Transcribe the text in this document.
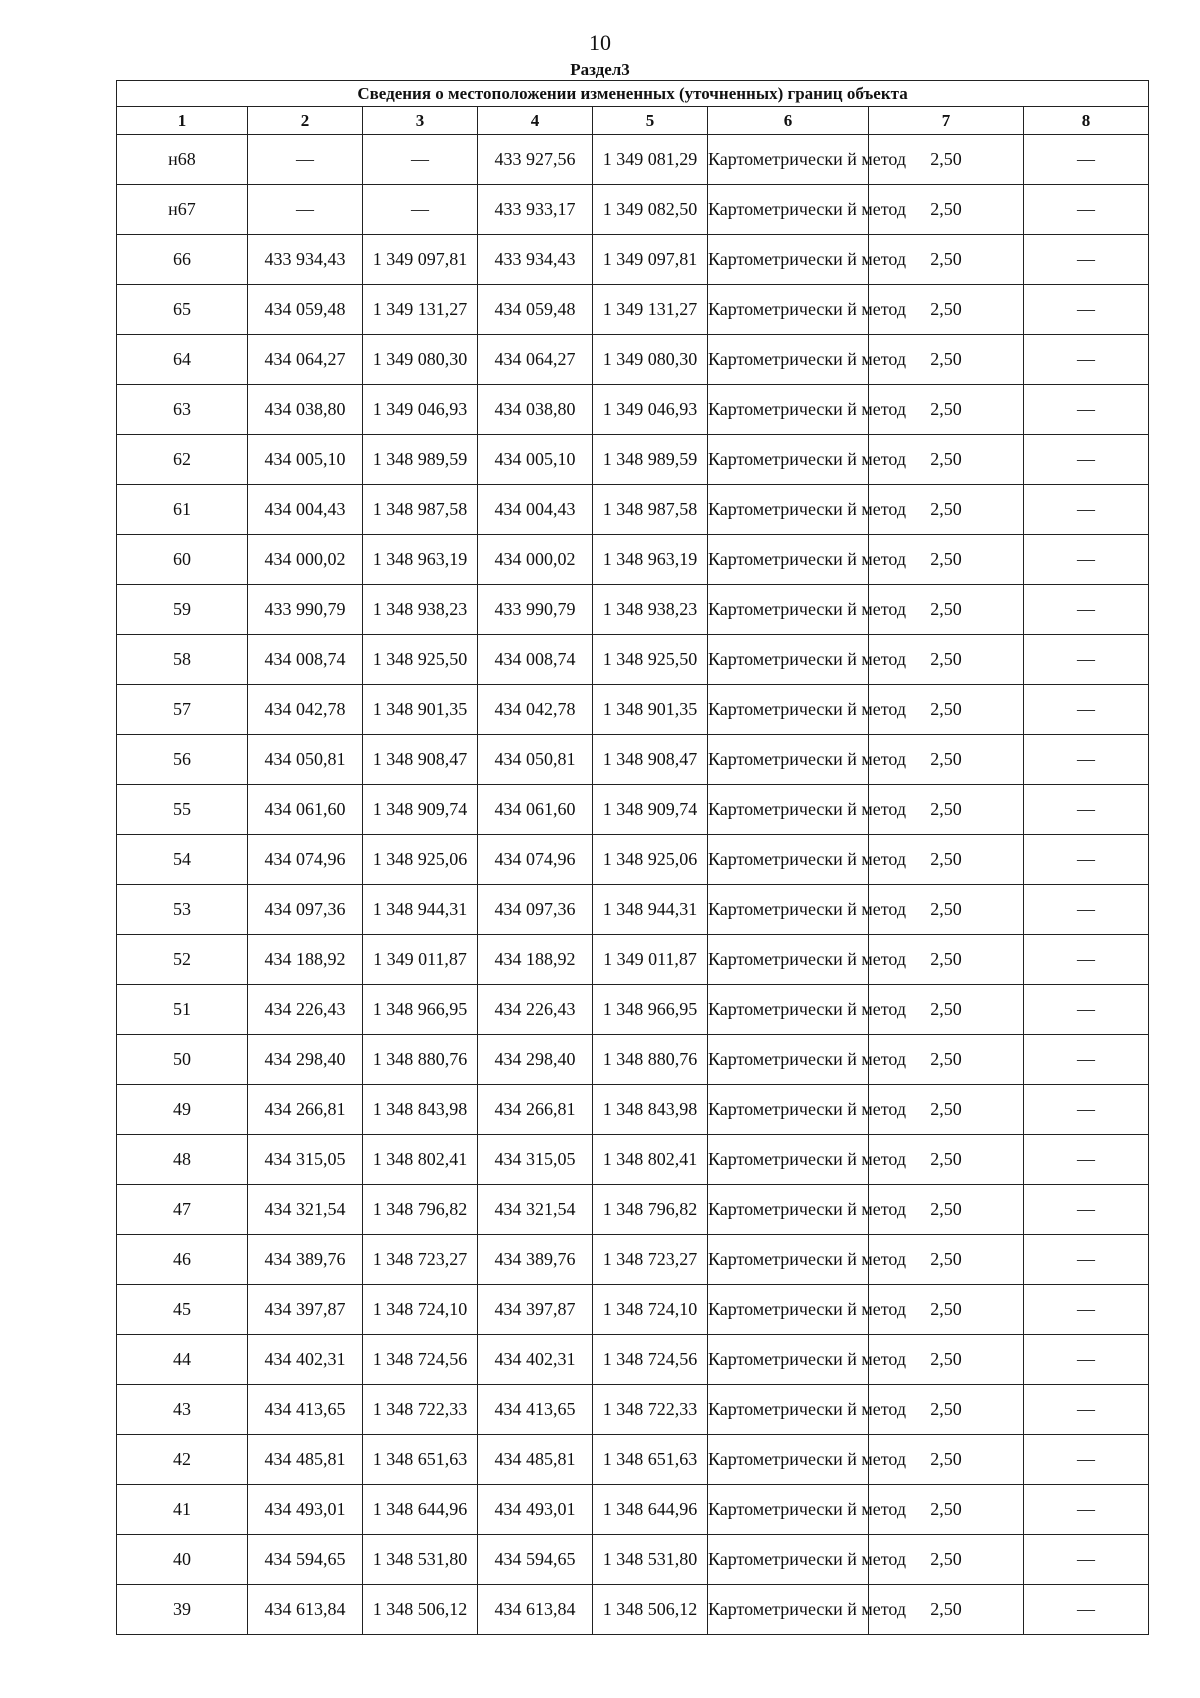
10
Раздел3
Сведения о местоположении измененных (уточненных) границ объекта							
1	2	3	4	5	6	7	8
н68	—	—	433 927,56	1 349 081,29	Картометрически й метод	2,50	—
н67	—	—	433 933,17	1 349 082,50	Картометрически й метод	2,50	—
66	433 934,43	1 349 097,81	433 934,43	1 349 097,81	Картометрически й метод	2,50	—
65	434 059,48	1 349 131,27	434 059,48	1 349 131,27	Картометрически й метод	2,50	—
64	434 064,27	1 349 080,30	434 064,27	1 349 080,30	Картометрически й метод	2,50	—
63	434 038,80	1 349 046,93	434 038,80	1 349 046,93	Картометрически й метод	2,50	—
62	434 005,10	1 348 989,59	434 005,10	1 348 989,59	Картометрически й метод	2,50	—
61	434 004,43	1 348 987,58	434 004,43	1 348 987,58	Картометрически й метод	2,50	—
60	434 000,02	1 348 963,19	434 000,02	1 348 963,19	Картометрически й метод	2,50	—
59	433 990,79	1 348 938,23	433 990,79	1 348 938,23	Картометрически й метод	2,50	—
58	434 008,74	1 348 925,50	434 008,74	1 348 925,50	Картометрически й метод	2,50	—
57	434 042,78	1 348 901,35	434 042,78	1 348 901,35	Картометрически й метод	2,50	—
56	434 050,81	1 348 908,47	434 050,81	1 348 908,47	Картометрически й метод	2,50	—
55	434 061,60	1 348 909,74	434 061,60	1 348 909,74	Картометрически й метод	2,50	—
54	434 074,96	1 348 925,06	434 074,96	1 348 925,06	Картометрически й метод	2,50	—
53	434 097,36	1 348 944,31	434 097,36	1 348 944,31	Картометрически й метод	2,50	—
52	434 188,92	1 349 011,87	434 188,92	1 349 011,87	Картометрически й метод	2,50	—
51	434 226,43	1 348 966,95	434 226,43	1 348 966,95	Картометрически й метод	2,50	—
50	434 298,40	1 348 880,76	434 298,40	1 348 880,76	Картометрически й метод	2,50	—
49	434 266,81	1 348 843,98	434 266,81	1 348 843,98	Картометрически й метод	2,50	—
48	434 315,05	1 348 802,41	434 315,05	1 348 802,41	Картометрически й метод	2,50	—
47	434 321,54	1 348 796,82	434 321,54	1 348 796,82	Картометрически й метод	2,50	—
46	434 389,76	1 348 723,27	434 389,76	1 348 723,27	Картометрически й метод	2,50	—
45	434 397,87	1 348 724,10	434 397,87	1 348 724,10	Картометрически й метод	2,50	—
44	434 402,31	1 348 724,56	434 402,31	1 348 724,56	Картометрически й метод	2,50	—
43	434 413,65	1 348 722,33	434 413,65	1 348 722,33	Картометрически й метод	2,50	—
42	434 485,81	1 348 651,63	434 485,81	1 348 651,63	Картометрически й метод	2,50	—
41	434 493,01	1 348 644,96	434 493,01	1 348 644,96	Картометрически й метод	2,50	—
40	434 594,65	1 348 531,80	434 594,65	1 348 531,80	Картометрически й метод	2,50	—
39	434 613,84	1 348 506,12	434 613,84	1 348 506,12	Картометрически й метод	2,50	—
